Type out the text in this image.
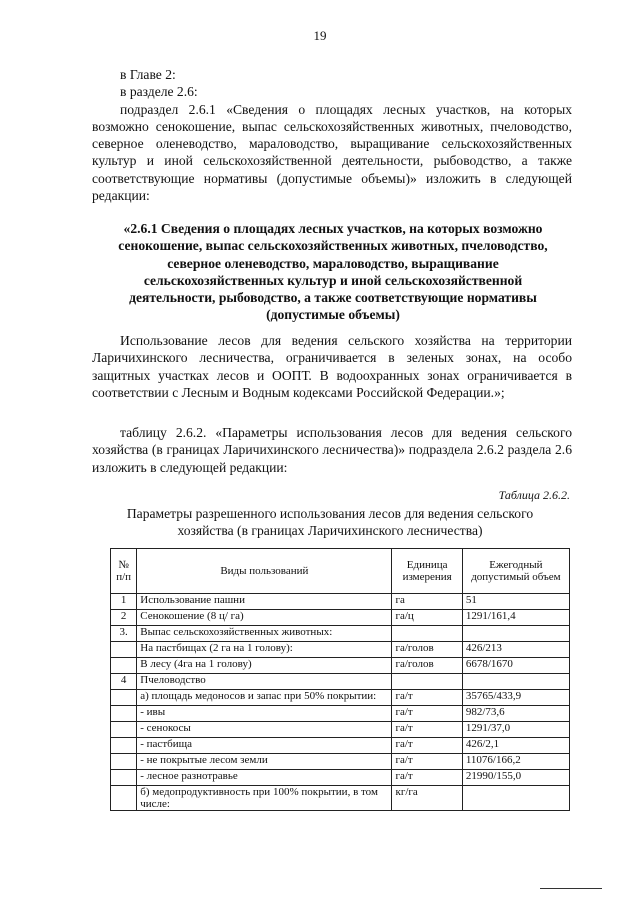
19

в Главе 2:

в разделе 2.6:

подраздел 2.6.1 «Сведения о площадях лесных участков, на которых возможно сенокошение, выпас сельскохозяйственных животных, пчеловодство, северное оленеводство, мараловодство, выращивание сельскохозяйственных культур и иной сельскохозяйственной деятельности, рыбоводство, а также соответствующие нормативы (допустимые объемы)» изложить в следующей редакции:

«2.6.1 Сведения о площадях лесных участков, на которых возможно сенокошение, выпас сельскохозяйственных животных, пчеловодство, северное оленеводство, мараловодство, выращивание сельскохозяйственных культур и иной сельскохозяйственной деятельности, рыбоводство, а также соответствующие нормативы (допустимые объемы)

Использование лесов для ведения сельского хозяйства на территории Ларичихинского лесничества, ограничивается в зеленых зонах, на особо защитных участках лесов и ООПТ. В водоохранных зонах ограничивается в соответствии с Лесным и Водным кодексами Российской Федерации.»;

таблицу 2.6.2. «Параметры использования лесов для ведения сельского хозяйства (в границах Ларичихинского лесничества)» подраздела 2.6.2 раздела 2.6 изложить в следующей редакции:

Таблица 2.6.2.
Параметры разрешенного использования лесов для ведения сельского хозяйства (в границах Ларичихинского лесничества)
№ п/п	Виды пользований	Единица измерения	Ежегодный допустимый объем
1	Использование пашни	га	51
2	Сенокошение (8 ц/ га)	га/ц	1291/161,4
3.	Выпас сельскохозяйственных животных:		
	На пастбищах (2 га на 1 голову):	га/голов	426/213
	В лесу (4га на 1 голову)	га/голов	6678/1670
4	Пчеловодство		
	а) площадь медоносов и запас при 50% покрытии:	га/т	35765/433,9
	- ивы	га/т	982/73,6
	- сенокосы	га/т	1291/37,0
	- пастбища	га/т	426/2,1
	- не покрытые лесом земли	га/т	11076/166,2
	- лесное разнотравье	га/т	21990/155,0
	б) медопродуктивность при 100% покрытии, в том числе:	кг/га	
